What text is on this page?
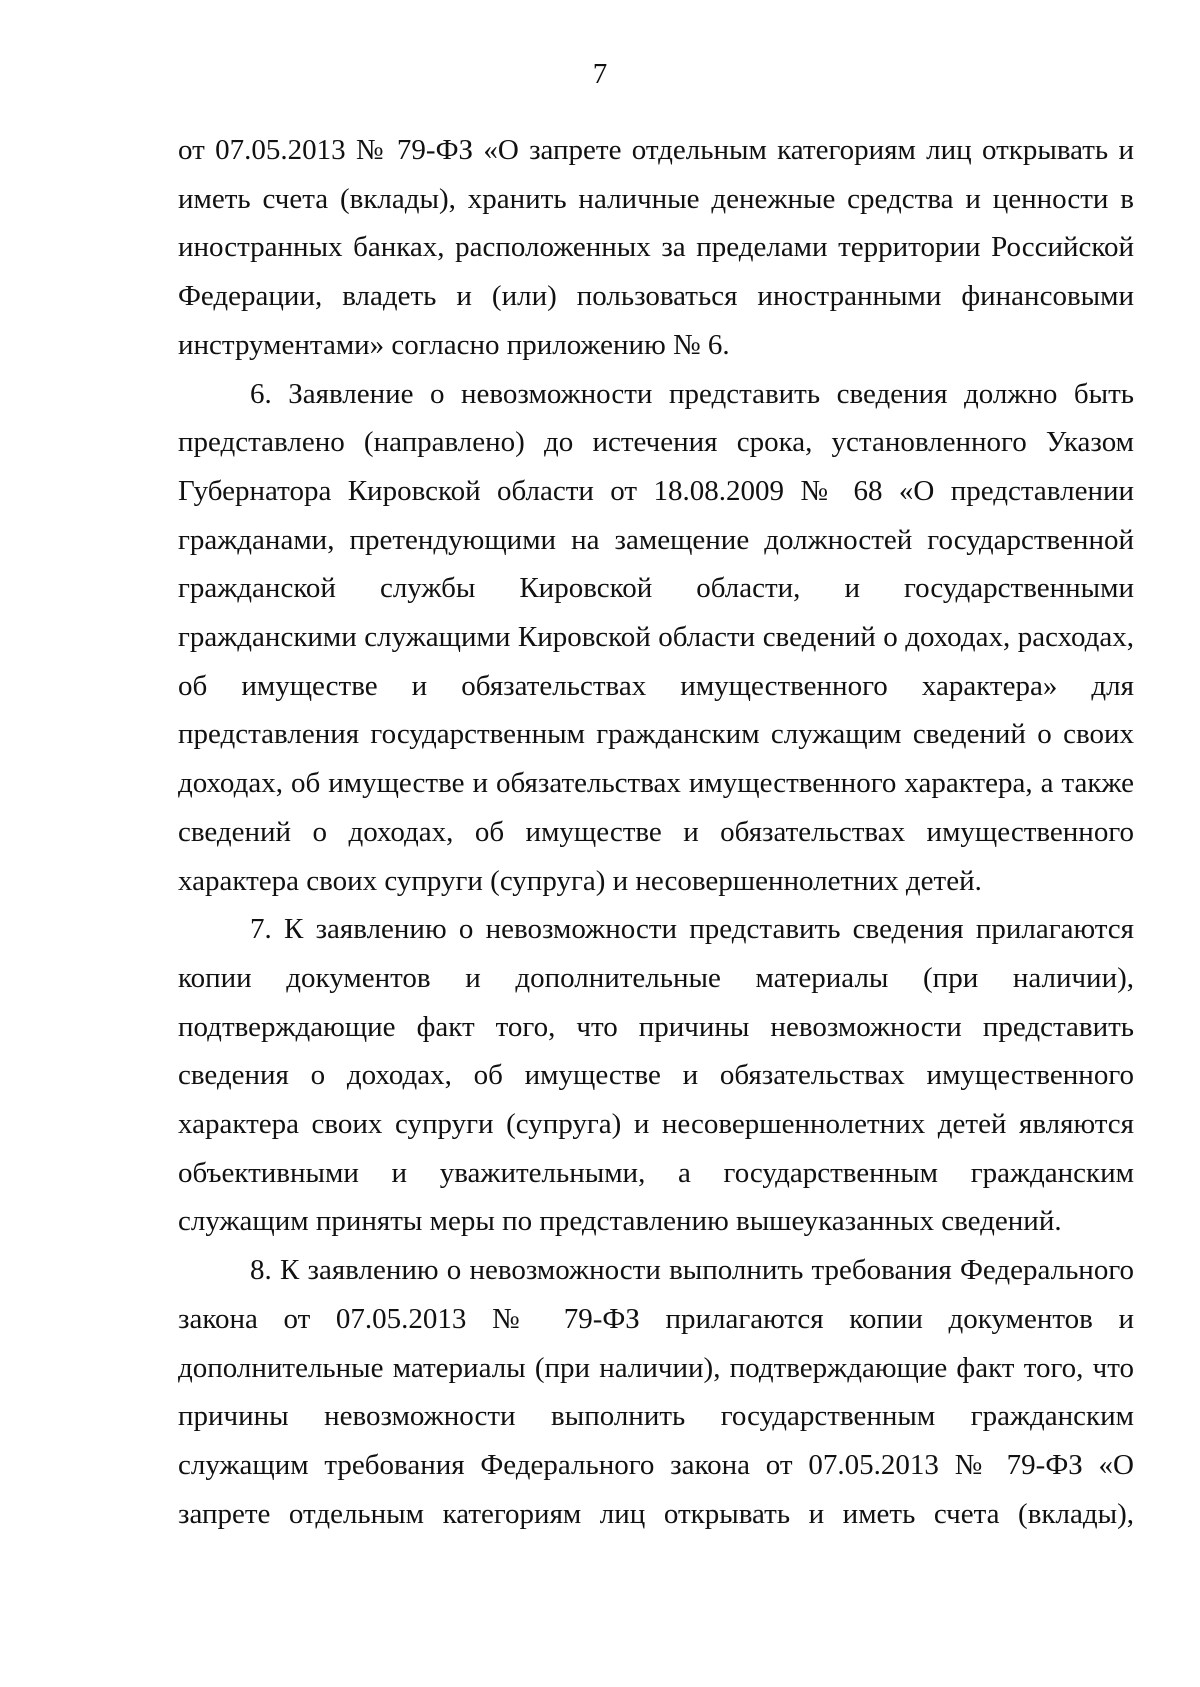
7

от 07.05.2013 № 79-ФЗ «О запрете отдельным категориям лиц открывать и иметь счета (вклады), хранить наличные денежные средства и ценности в иностранных банках, расположенных за пределами территории Российской Федерации, владеть и (или) пользоваться иностранными финансовыми инструментами» согласно приложению № 6.

6. Заявление о невозможности представить сведения должно быть представлено (направлено) до истечения срока, установленного Указом Губернатора Кировской области от 18.08.2009 № 68 «О представлении гражданами, претендующими на замещение должностей государственной гражданской службы Кировской области, и государственными гражданскими служащими Кировской области сведений о доходах, расходах, об имуществе и обязательствах имущественного характера» для представления государственным гражданским служащим сведений о своих доходах, об имуществе и обязательствах имущественного характера, а также сведений о доходах, об имуществе и обязательствах имущественного характера своих супруги (супруга) и несовершеннолетних детей.

7. К заявлению о невозможности представить сведения прилагаются копии документов и дополнительные материалы (при наличии), подтверждающие факт того, что причины невозможности представить сведения о доходах, об имуществе и обязательствах имущественного характера своих супруги (супруга) и несовершеннолетних детей являются объективными и уважительными, а государственным гражданским служащим приняты меры по представлению вышеуказанных сведений.

8. К заявлению о невозможности выполнить требования Федерального закона от 07.05.2013 № 79-ФЗ прилагаются копии документов и дополнительные материалы (при наличии), подтверждающие факт того, что причины невозможности выполнить государственным гражданским служащим требования Федерального закона от 07.05.2013 № 79-ФЗ «О запрете отдельным категориям лиц открывать и иметь счета (вклады),
